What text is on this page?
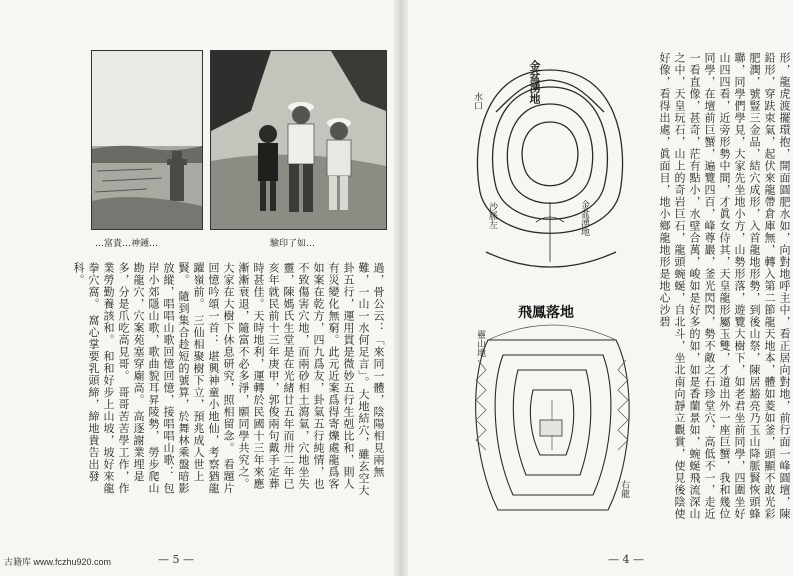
…富貴…神鍾…	驗印了如…
過，骨公云：「來同一體，陰陽相見兩無難，一山一水何足言」。大地結穴，雖玄空大卦五行，運用貫是微妙五行生剋比和，則人有災變化無窮。此元近案爲得寄爍處龍爲客如案在乾方，四九爲友，卦氣五行純情，也不致傷害穴地，而兩砂相土瀉氣，穴地坐失靈，陳媽氏生堂是在光緒廿五年而卅二年已亥年就民前十三年庚甲，郭俊兩句戴手定葬時甚佳。天時地利，運轉於民國十三年來應漸漸衰退，隨富不必多淨，願同學共究之。 大家在大樹下休息研究，照相留念。 看題片回憶吟頌一首： 堪興神童小地仙，考察猶龍躍嶺前。 三仙相聚樹下立，預兆成人世上賢。 隨到集合趁短的號算，於舞林乘盤暗影放縱，唱唱山歌回憶回憶，接唱唱山歌： 包岸小郊隱山歌，歌曲貌耳昇陵勢， 勞步爬山勘龍穴，穴案苑塞穿廟高。 高逐謝業埋是多，分是爪吃高見哥。 哥哥苦苦學工作，作業勞勤養該和。 和和好步上山坡，坡好來龍拳穴窩。 窩心掌要乳頭締，締地貴告出發科。
— 5 —
金盆湧地
金盆湧地
沙脈左
水口
飛鳳落地
靈山地
右龍	形，龍虎渡擺環抱，開面圓肥水如，向對地呼主中，看正居向對地，前行面一峰圓壇，陳鉛形，穿趺束氣，起伏來龍帶倉庫無，轉入第二節龍天地本，體如菱如釜，頭顯不敢光彩肥潤，號豎三金品，結穴成形，入首龍地形勢，到後山祭，陳居豁亮乃玉山降脈賢恢頭蜂聯，同學們學見，大家先坐地小方，山勢形落，遊覽大樹下，如老君坐前同學，四圍坐好山四四看，近旁形勢中間，才眞女侍其，天皇龍形屬玉雙，才道出外一座巨蟹，我和幾位同學，在壇前巨蟹，遍覽四百，峰尊巖，釜光閃閃，勢不敵之石珍堂穴，高低不一，走近一看直像，甚奇，茫有點小，水壁合萬，峻如是好多的如，如是香蘭景如，蜿蜒飛流深山之中，天皇玩石，山上的奇岩巨石，龍頭蜿蜒，自北斗，坐北南向靜立觀賞，使見後陰使好像，看得出處，眞面目，地小鄉龍地形是地心沙碧
— 4 —
古籍库 www.fczhu920.com
